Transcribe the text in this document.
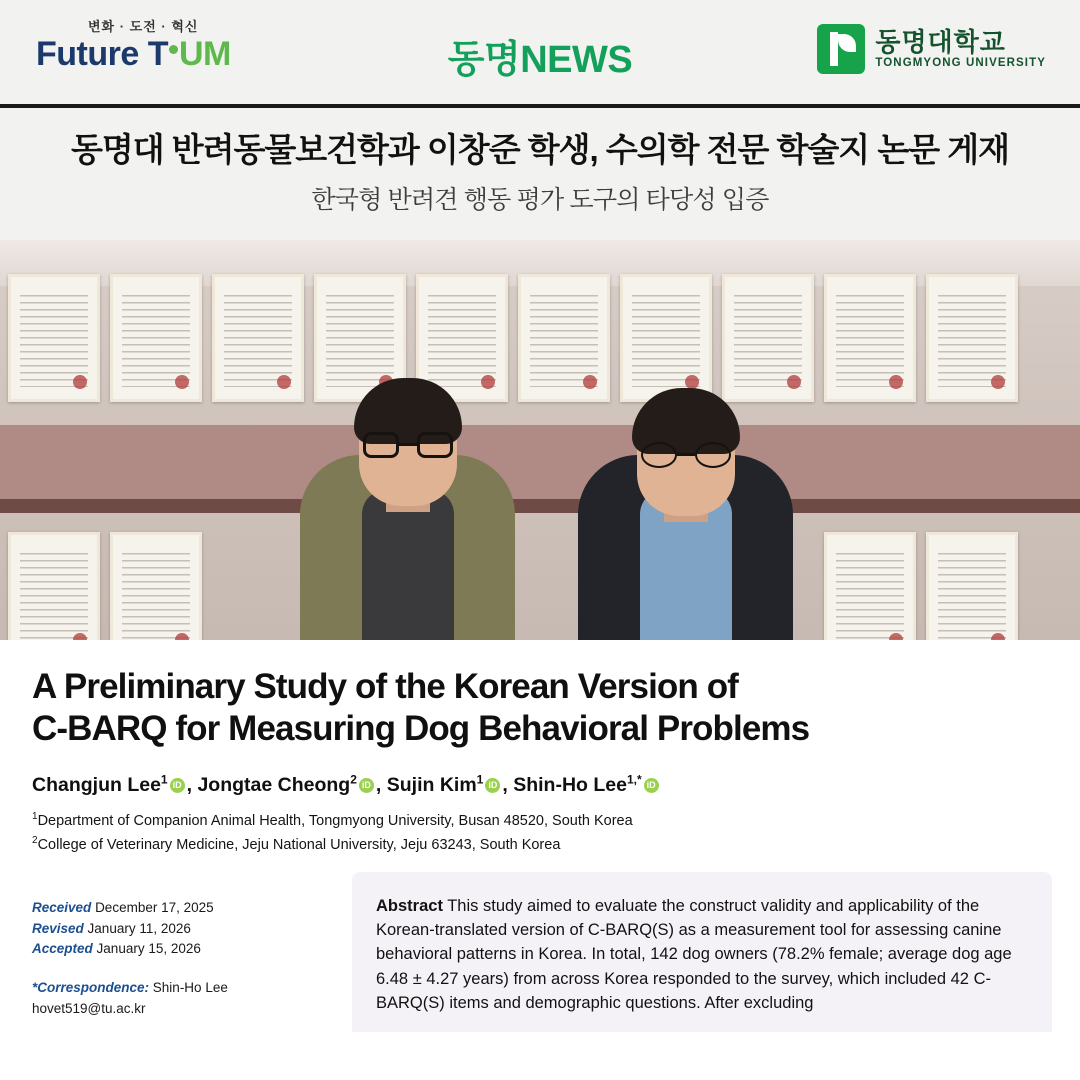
변화 · 도전 · 혁신
Future T UM	동명NEWS	동명대학교
TONGMYONG UNIVERSITY
동명대 반려동물보건학과 이창준 학생, 수의학 전문 학술지 논문 게재
한국형 반려견 행동 평가 도구의 타당성 입증
A Preliminary Study of the Korean Version of
C-BARQ for Measuring Dog Behavioral Problems
Changjun Lee$^1$ iD , Jongtae Cheong$^2$ iD , Sujin Kim$^1$ iD , Shin-Ho Lee$^{1,*}$iD
$^1$Department of Companion Animal Health, Tongmyong University, Busan 48520, South Korea
$^2$College of Veterinary Medicine, Jeju National University, Jeju 63243, South Korea
Received December 17, 2025
Revised January 11, 2026
Accepted January 15, 2026
*Correspondence: Shin-Ho Lee
hovet519@tu.ac.kr

Abstract This study aimed to evaluate the construct validity and applicability of the Korean-translated version of C-BARQ(S) as a measurement tool for assessing canine behavioral patterns in Korea. In total, 142 dog owners (78.2% female; average dog age 6.48 ± 4.27 years) from across Korea responded to the survey, which included 42 C-BARQ(S) items and demographic questions. After excluding
